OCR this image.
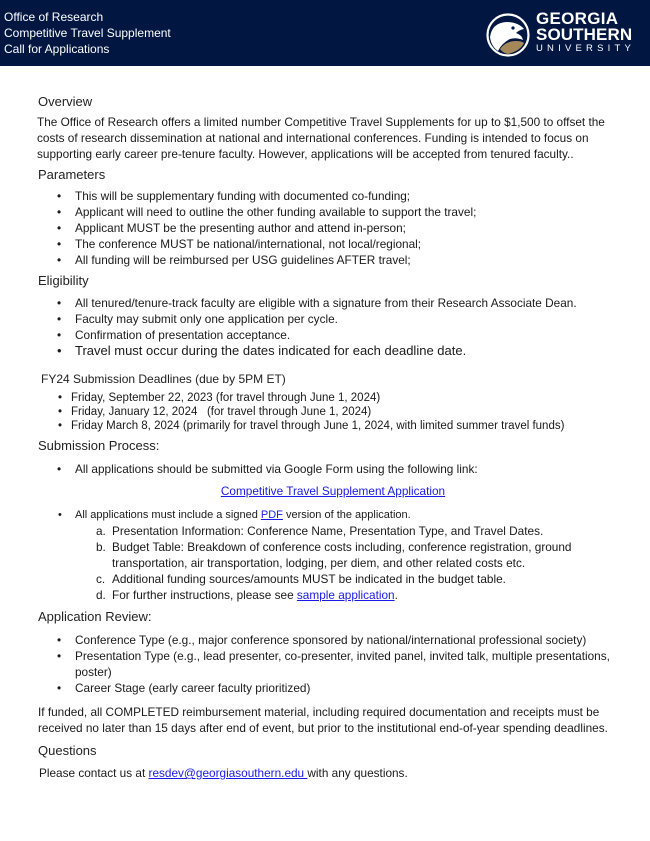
Office of Research
Competitive Travel Supplement
Call for Applications
GEORGIA
SOUTHERN
UNIVERSITY
Overview

The Office of Research offers a limited number Competitive Travel Supplements for up to $1,500 to offset the costs of research dissemination at national and international conferences. Funding is intended to focus on supporting early career pre-tenure faculty. However, applications will be accepted from tenured faculty..

Parameters
• This will be supplementary funding with documented co-funding;
• Applicant will need to outline the other funding available to support the travel;
• Applicant MUST be the presenting author and attend in-person;
• The conference MUST be national/international, not local/regional;
• All funding will be reimbursed per USG guidelines AFTER travel;
Eligibility
• All tenured/tenure-track faculty are eligible with a signature from their Research Associate Dean.
• Faculty may submit only one application per cycle.
• Confirmation of presentation acceptance.
• Travel must occur during the dates indicated for each deadline date.
FY24 Submission Deadlines (due by 5PM ET)
• Friday, September 22, 2023 (for travel through June 1, 2024)
• Friday, January 12, 2024   (for travel through June 1, 2024)
• Friday March 8, 2024 (primarily for travel through June 1, 2024, with limited summer travel funds)
Submission Process:
• All applications should be submitted via Google Form using the following link:
Competitive Travel Supplement Application
• All applications must include a signed PDF version of the application.
a. Presentation Information: Conference Name, Presentation Type, and Travel Dates.
b. Budget Table: Breakdown of conference costs including, conference registration, ground transportation, air transportation, lodging, per diem, and other related costs etc.
c. Additional funding sources/amounts MUST be indicated in the budget table.
d. For further instructions, please see sample application.
Application Review:
• Conference Type (e.g., major conference sponsored by national/international professional society)
• Presentation Type (e.g., lead presenter, co-presenter, invited panel, invited talk, multiple presentations, poster)
• Career Stage (early career faculty prioritized)

If funded, all COMPLETED reimbursement material, including required documentation and receipts must be received no later than 15 days after end of event, but prior to the institutional end-of-year spending deadlines.

Questions

Please contact us at resdev@georgiasouthern.edu with any questions.
